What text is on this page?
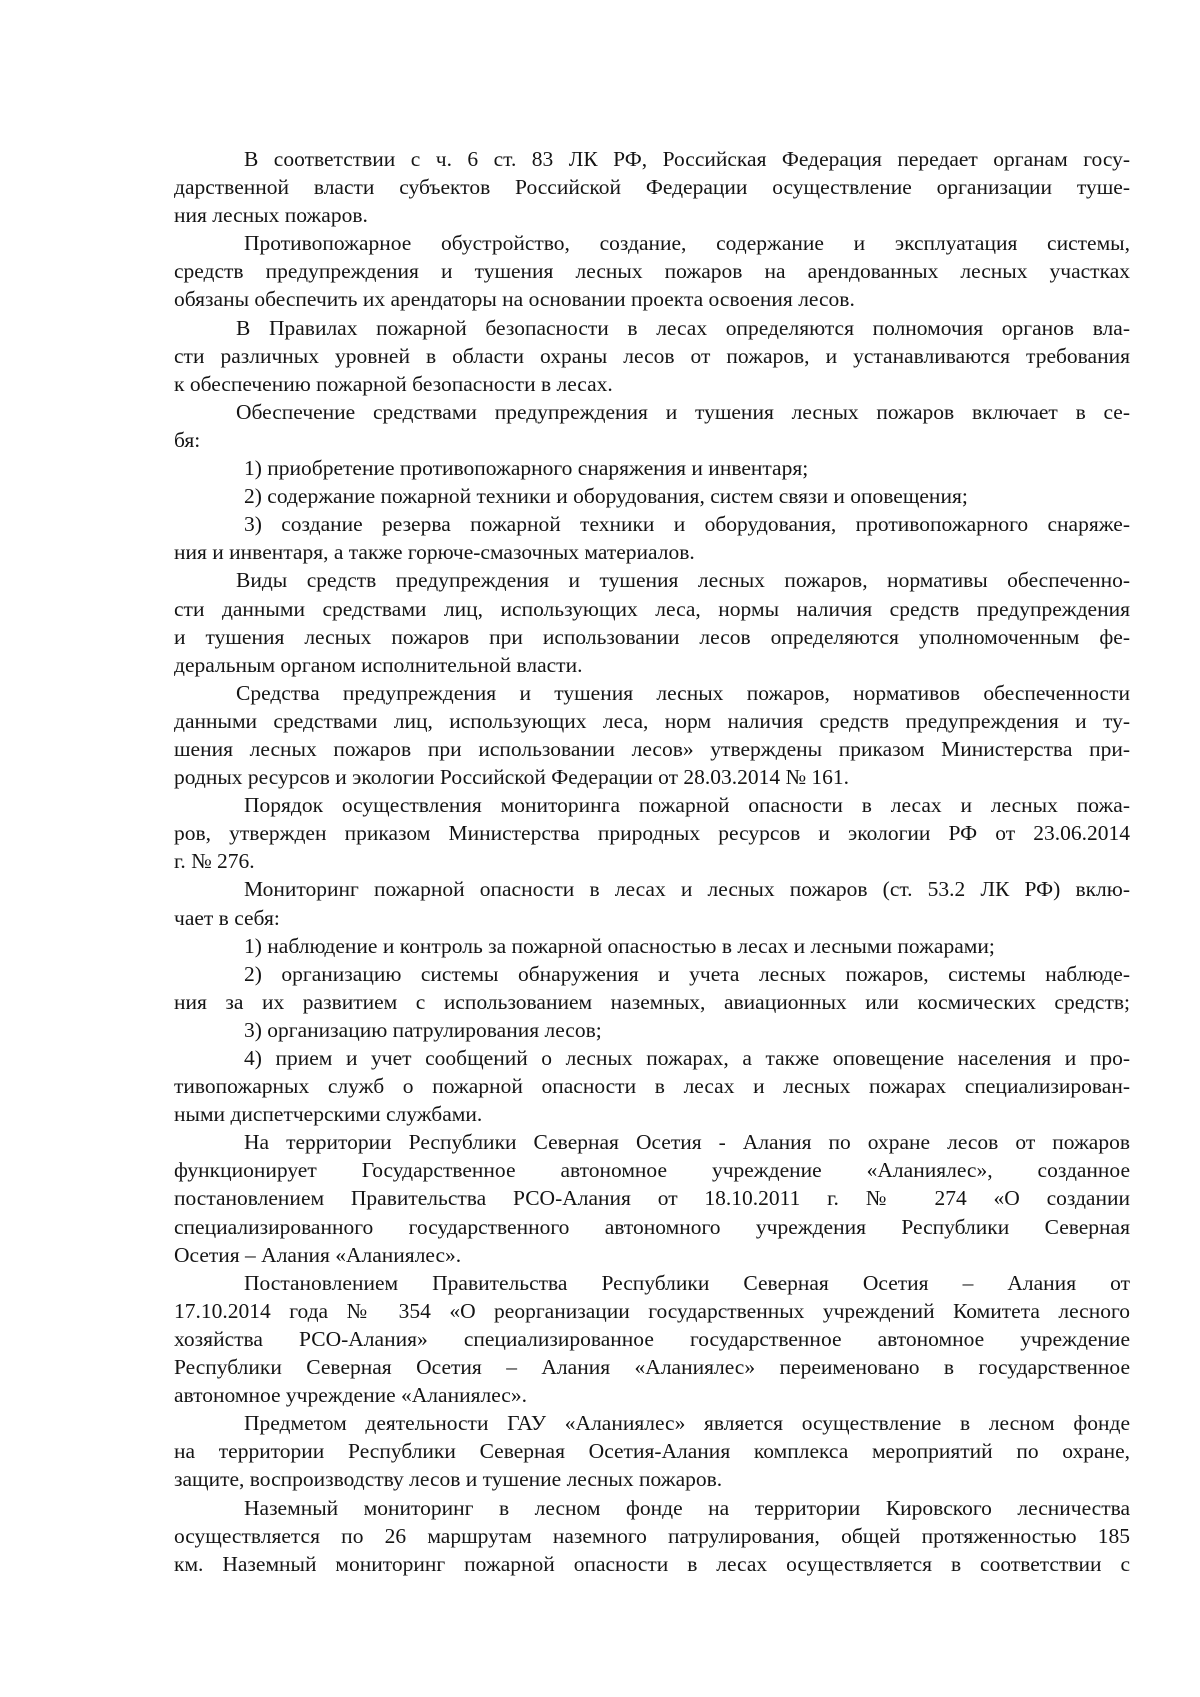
В соответствии с ч. 6 ст. 83 ЛК РФ, Российская Федерация передает органам госу-
дарственной власти субъектов Российской Федерации осуществление организации туше-
ния лесных пожаров.
Противопожарное обустройство, создание, содержание и эксплуатация системы,
средств предупреждения и тушения лесных пожаров на арендованных лесных участках
обязаны обеспечить их арендаторы на основании проекта освоения лесов.
В Правилах пожарной безопасности в лесах определяются полномочия органов вла-
сти различных уровней в области охраны лесов от пожаров, и устанавливаются требования
к обеспечению пожарной безопасности в лесах.
Обеспечение средствами предупреждения и тушения лесных пожаров включает в се-
бя:
1) приобретение противопожарного снаряжения и инвентаря;
2) содержание пожарной техники и оборудования, систем связи и оповещения;
3) создание резерва пожарной техники и оборудования, противопожарного снаряже-
ния и инвентаря, а также горюче-смазочных материалов.
Виды средств предупреждения и тушения лесных пожаров, нормативы обеспеченно-
сти данными средствами лиц, использующих леса, нормы наличия средств предупреждения
и тушения лесных пожаров при использовании лесов определяются уполномоченным фе-
деральным органом исполнительной власти.
Средства предупреждения и тушения лесных пожаров, нормативов обеспеченности
данными средствами лиц, использующих леса, норм наличия средств предупреждения и ту-
шения лесных пожаров при использовании лесов» утверждены приказом Министерства при-
родных ресурсов и экологии Российской Федерации от 28.03.2014 № 161.
Порядок осуществления мониторинга пожарной опасности в лесах и лесных пожа-
ров, утвержден приказом Министерства природных ресурсов и экологии РФ от 23.06.2014
г. № 276.
Мониторинг пожарной опасности в лесах и лесных пожаров (ст. 53.2 ЛК РФ) вклю-
чает в себя:
1) наблюдение и контроль за пожарной опасностью в лесах и лесными пожарами;
2) организацию системы обнаружения и учета лесных пожаров, системы наблюде-
ния за их развитием с использованием наземных, авиационных или космических средств;
3) организацию патрулирования лесов;
4) прием и учет сообщений о лесных пожарах, а также оповещение населения и про-
тивопожарных служб о пожарной опасности в лесах и лесных пожарах специализирован-
ными диспетчерскими службами.
На территории Республики Северная Осетия - Алания по охране лесов от пожаров
функционирует Государственное автономное учреждение «Аланиялес», созданное
постановлением Правительства РСО-Алания от 18.10.2011 г. № 274 «О создании
специализированного государственного автономного учреждения Республики Северная
Осетия – Алания «Аланиялес».
Постановлением Правительства Республики Северная Осетия – Алания от
17.10.2014 года № 354 «О реорганизации государственных учреждений Комитета лесного
хозяйства РСО-Алания» специализированное государственное автономное учреждение
Республики Северная Осетия – Алания «Аланиялес» переименовано в государственное
автономное учреждение «Аланиялес».
Предметом деятельности ГАУ «Аланиялес» является осуществление в лесном фонде
на территории Республики Северная Осетия-Алания комплекса мероприятий по охране,
защите, воспроизводству лесов и тушение лесных пожаров.
Наземный мониторинг в лесном фонде на территории Кировского лесничества
осуществляется по 26 маршрутам наземного патрулирования, общей протяженностью 185
км. Наземный мониторинг пожарной опасности в лесах осуществляется в соответствии с
